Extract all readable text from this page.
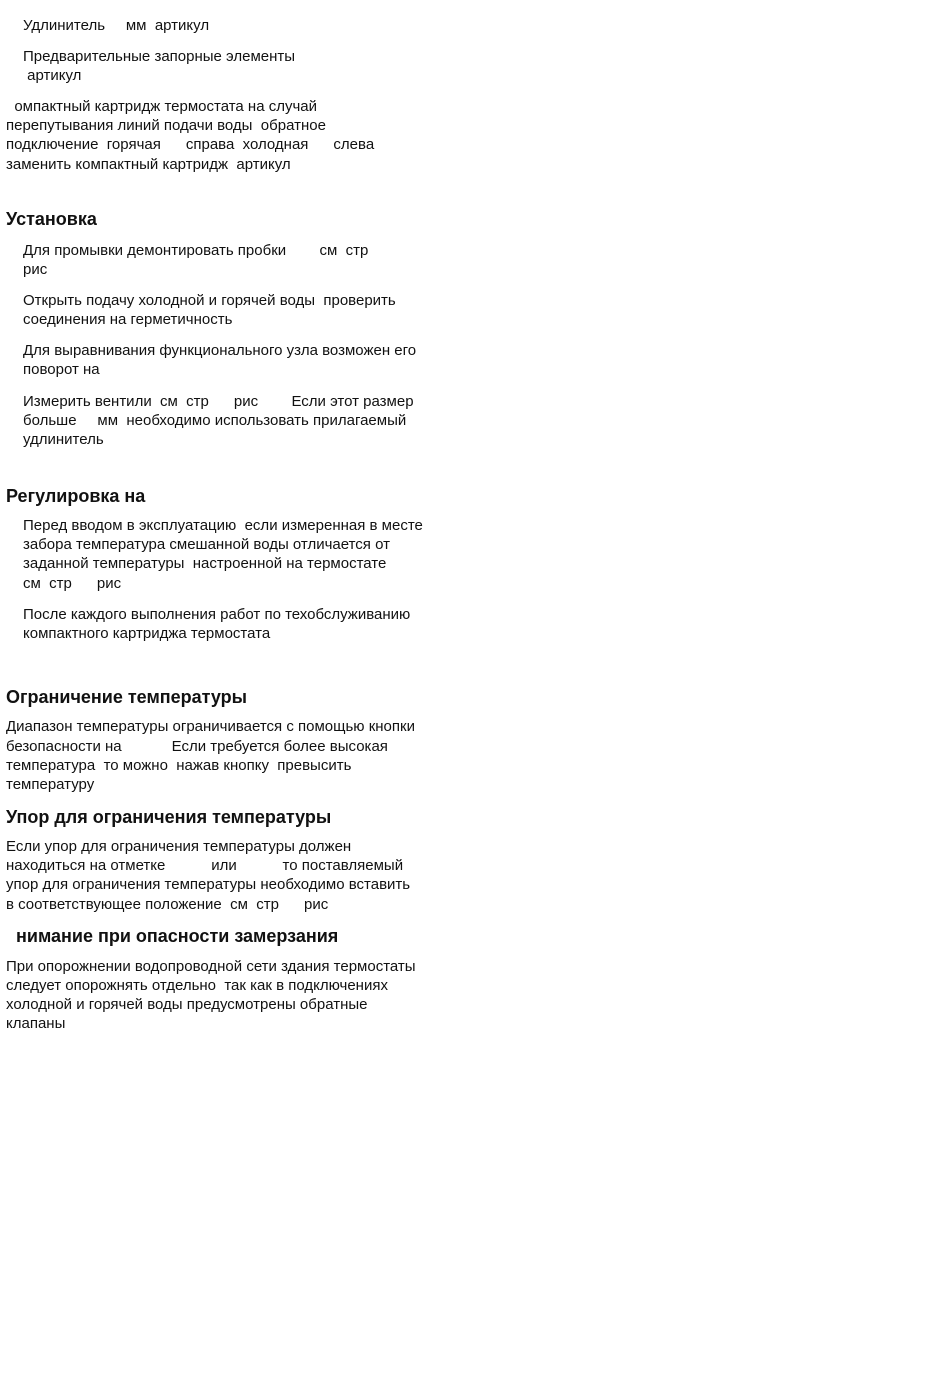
Удлинитель     мм  артикул

Предварительные запорные элементы

артикул

омпактный картридж термостата на случай

перепутывания линий подачи воды  обратное

подключение  горячая      справа  холодная      слева

заменить компактный картридж  артикул

Установка

Для промывки демонтировать пробки        см  стр

рис

Открыть подачу холодной и горячей воды  проверить

соединения на герметичность

Для выравнивания функционального узла возможен его

поворот на

Измерить вентили  см  стр      рис        Если этот размер

больше     мм  необходимо использовать прилагаемый

удлинитель

Регулировка на

Перед вводом в эксплуатацию  если измеренная в месте

забора температура смешанной воды отличается от

заданной температуры  настроенной на термостате

см  стр      рис

После каждого выполнения работ по техобслуживанию

компактного картриджа термостата

Ограничение температуры

Диапазон температуры ограничивается с помощью кнопки

безопасности на            Если требуется более высокая

температура  то можно  нажав кнопку  превысить

температуру

Упор для ограничения температуры

Если упор для ограничения температуры должен

находиться на отметке           или           то поставляемый

упор для ограничения температуры необходимо вставить

в соответствующее положение  см  стр      рис

нимание при опасности замерзания

При опорожнении водопроводной сети здания термостаты

следует опорожнять отдельно  так как в подключениях

холодной и горячей воды предусмотрены обратные

клапаны
